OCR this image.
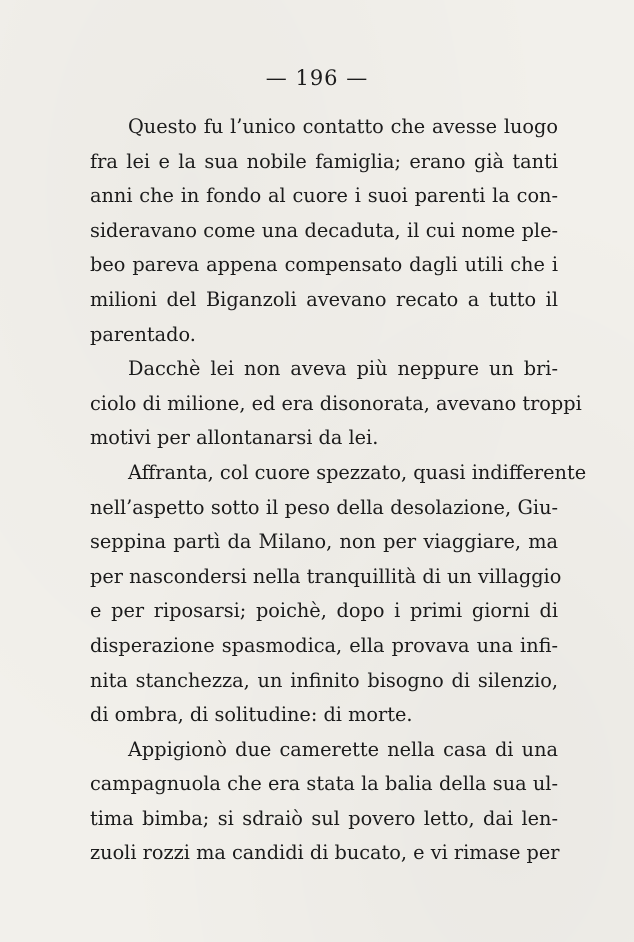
— 196 —

Questo fu l’unico contatto che avesse luogo
fra lei e la sua nobile famiglia; erano già tanti
anni che in fondo al cuore i suoi parenti la con-
sideravano come una decaduta, il cui nome ple-
beo pareva appena compensato dagli utili che i
milioni del Biganzoli avevano recato a tutto il
parentado.

Dacchè lei non aveva più neppure un bri-
ciolo di milione, ed era disonorata, avevano troppi
motivi per allontanarsi da lei.

Affranta, col cuore spezzato, quasi indifferente
nell’aspetto sotto il peso della desolazione, Giu-
seppina partì da Milano, non per viaggiare, ma
per nascondersi nella tranquillità di un villaggio
e per riposarsi; poichè, dopo i primi giorni di
disperazione spasmodica, ella provava una infi-
nita stanchezza, un infinito bisogno di silenzio,
di ombra, di solitudine: di morte.

Appigionò due camerette nella casa di una
campagnuola che era stata la balia della sua ul-
tima bimba; si sdraiò sul povero letto, dai len-
zuoli rozzi ma candidi di bucato, e vi rimase per
